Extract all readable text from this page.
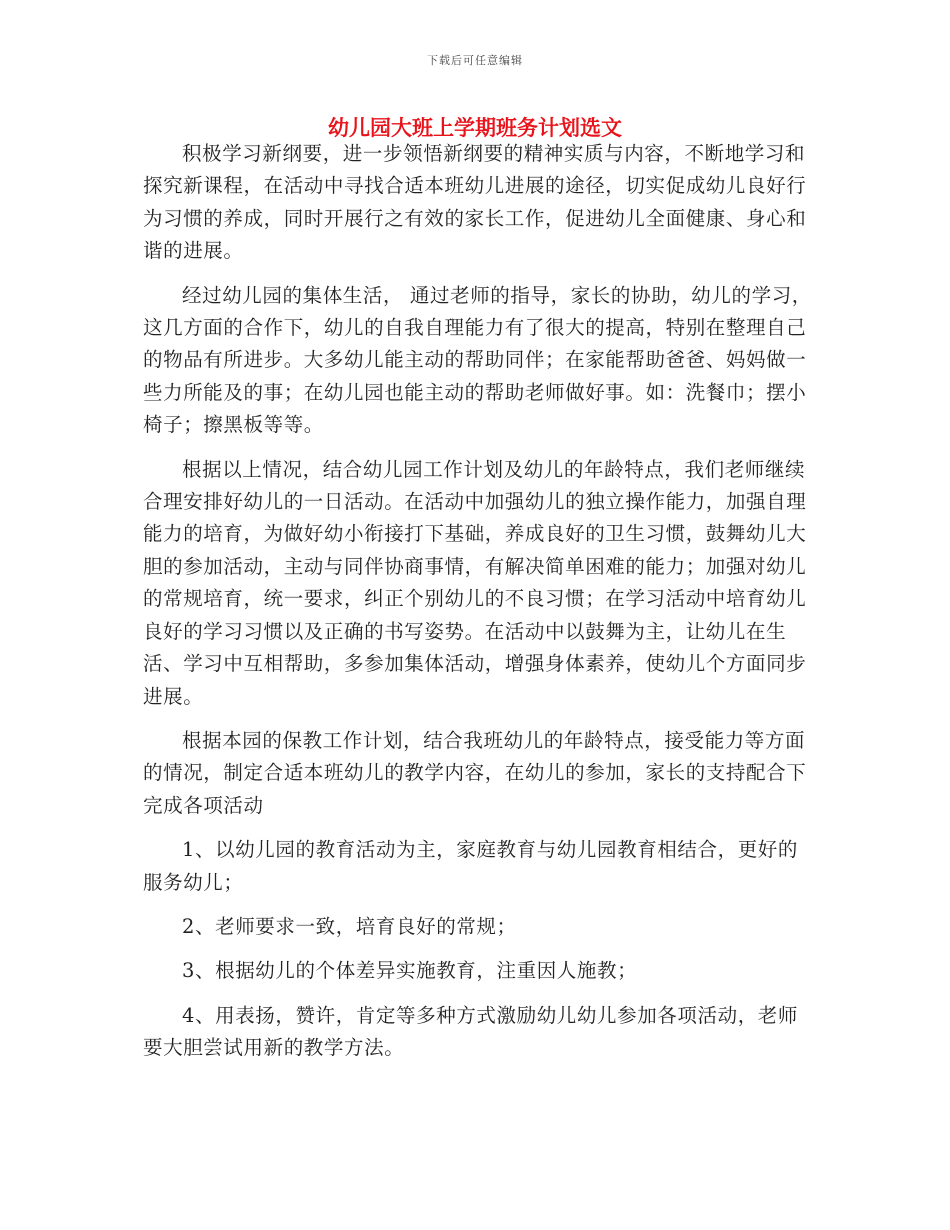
下载后可任意编辑
幼儿园大班上学期班务计划选文

积极学习新纲要，进一步领悟新纲要的精神实质与内容，不断地学习和探究新课程，在活动中寻找合适本班幼儿进展的途径，切实促成幼儿良好行为习惯的养成，同时开展行之有效的家长工作，促进幼儿全面健康、身心和谐的进展。

经过幼儿园的集体生活， 通过老师的指导，家长的协助，幼儿的学习，这几方面的合作下，幼儿的自我自理能力有了很大的提高，特别在整理自己的物品有所进步。大多幼儿能主动的帮助同伴；在家能帮助爸爸、妈妈做一些力所能及的事；在幼儿园也能主动的帮助老师做好事。如：洗餐巾；摆小椅子；擦黑板等等。

根据以上情况，结合幼儿园工作计划及幼儿的年龄特点，我们老师继续合理安排好幼儿的一日活动。在活动中加强幼儿的独立操作能力，加强自理能力的培育，为做好幼小衔接打下基础，养成良好的卫生习惯，鼓舞幼儿大胆的参加活动，主动与同伴协商事情，有解决简单困难的能力；加强对幼儿的常规培育，统一要求，纠正个别幼儿的不良习惯；在学习活动中培育幼儿良好的学习习惯以及正确的书写姿势。在活动中以鼓舞为主，让幼儿在生活、学习中互相帮助，多参加集体活动，增强身体素养，使幼儿个方面同步进展。

根据本园的保教工作计划，结合我班幼儿的年龄特点，接受能力等方面的情况，制定合适本班幼儿的教学内容，在幼儿的参加，家长的支持配合下完成各项活动

1、以幼儿园的教育活动为主，家庭教育与幼儿园教育相结合，更好的服务幼儿；

2、老师要求一致，培育良好的常规；

3、根据幼儿的个体差异实施教育，注重因人施教；

4、用表扬，赞许，肯定等多种方式激励幼儿幼儿参加各项活动，老师要大胆尝试用新的教学方法。
